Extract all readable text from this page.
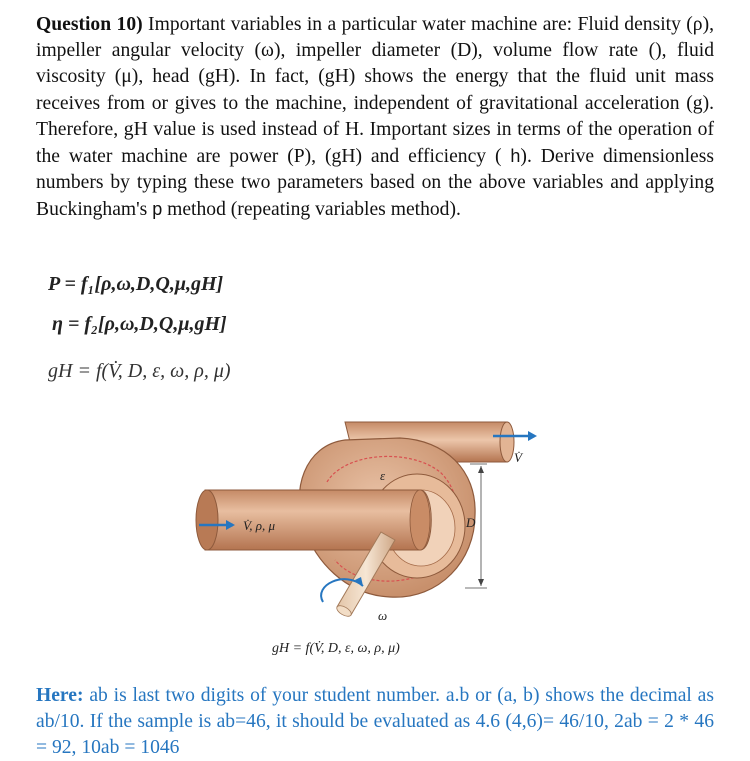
Question 10) Important variables in a particular water machine are: Fluid density (ρ), impeller angular velocity (ω), impeller diameter (D), volume flow rate (), fluid viscosity (μ), head (gH). In fact, (gH) shows the energy that the fluid unit mass receives from or gives to the machine, independent of gravitational acceleration (g). Therefore, gH value is used instead of H. Important sizes in terms of the operation of the water machine are power (P), (gH) and efficiency ( h). Derive dimensionless numbers by typing these two parameters based on the above variables and applying Buckingham's p method (repeating variables method).
P = f₁[ρ,ω,D,Q,μ,gH]
η = f₂[ρ,ω,D,Q,μ,gH]
gH = f(V̇, D, ε, ω, ρ, μ)
V̇, ρ, μ
V̇
ε
D
ω
gH = f(V̇, D, ε, ω, ρ, μ)
Here: ab is last two digits of your student number. a.b or (a, b) shows the decimal as ab/10. If the sample is ab=46, it should be evaluated as 4.6 (4,6)= 46/10, 2ab = 2 * 46 = 92, 10ab = 1046
